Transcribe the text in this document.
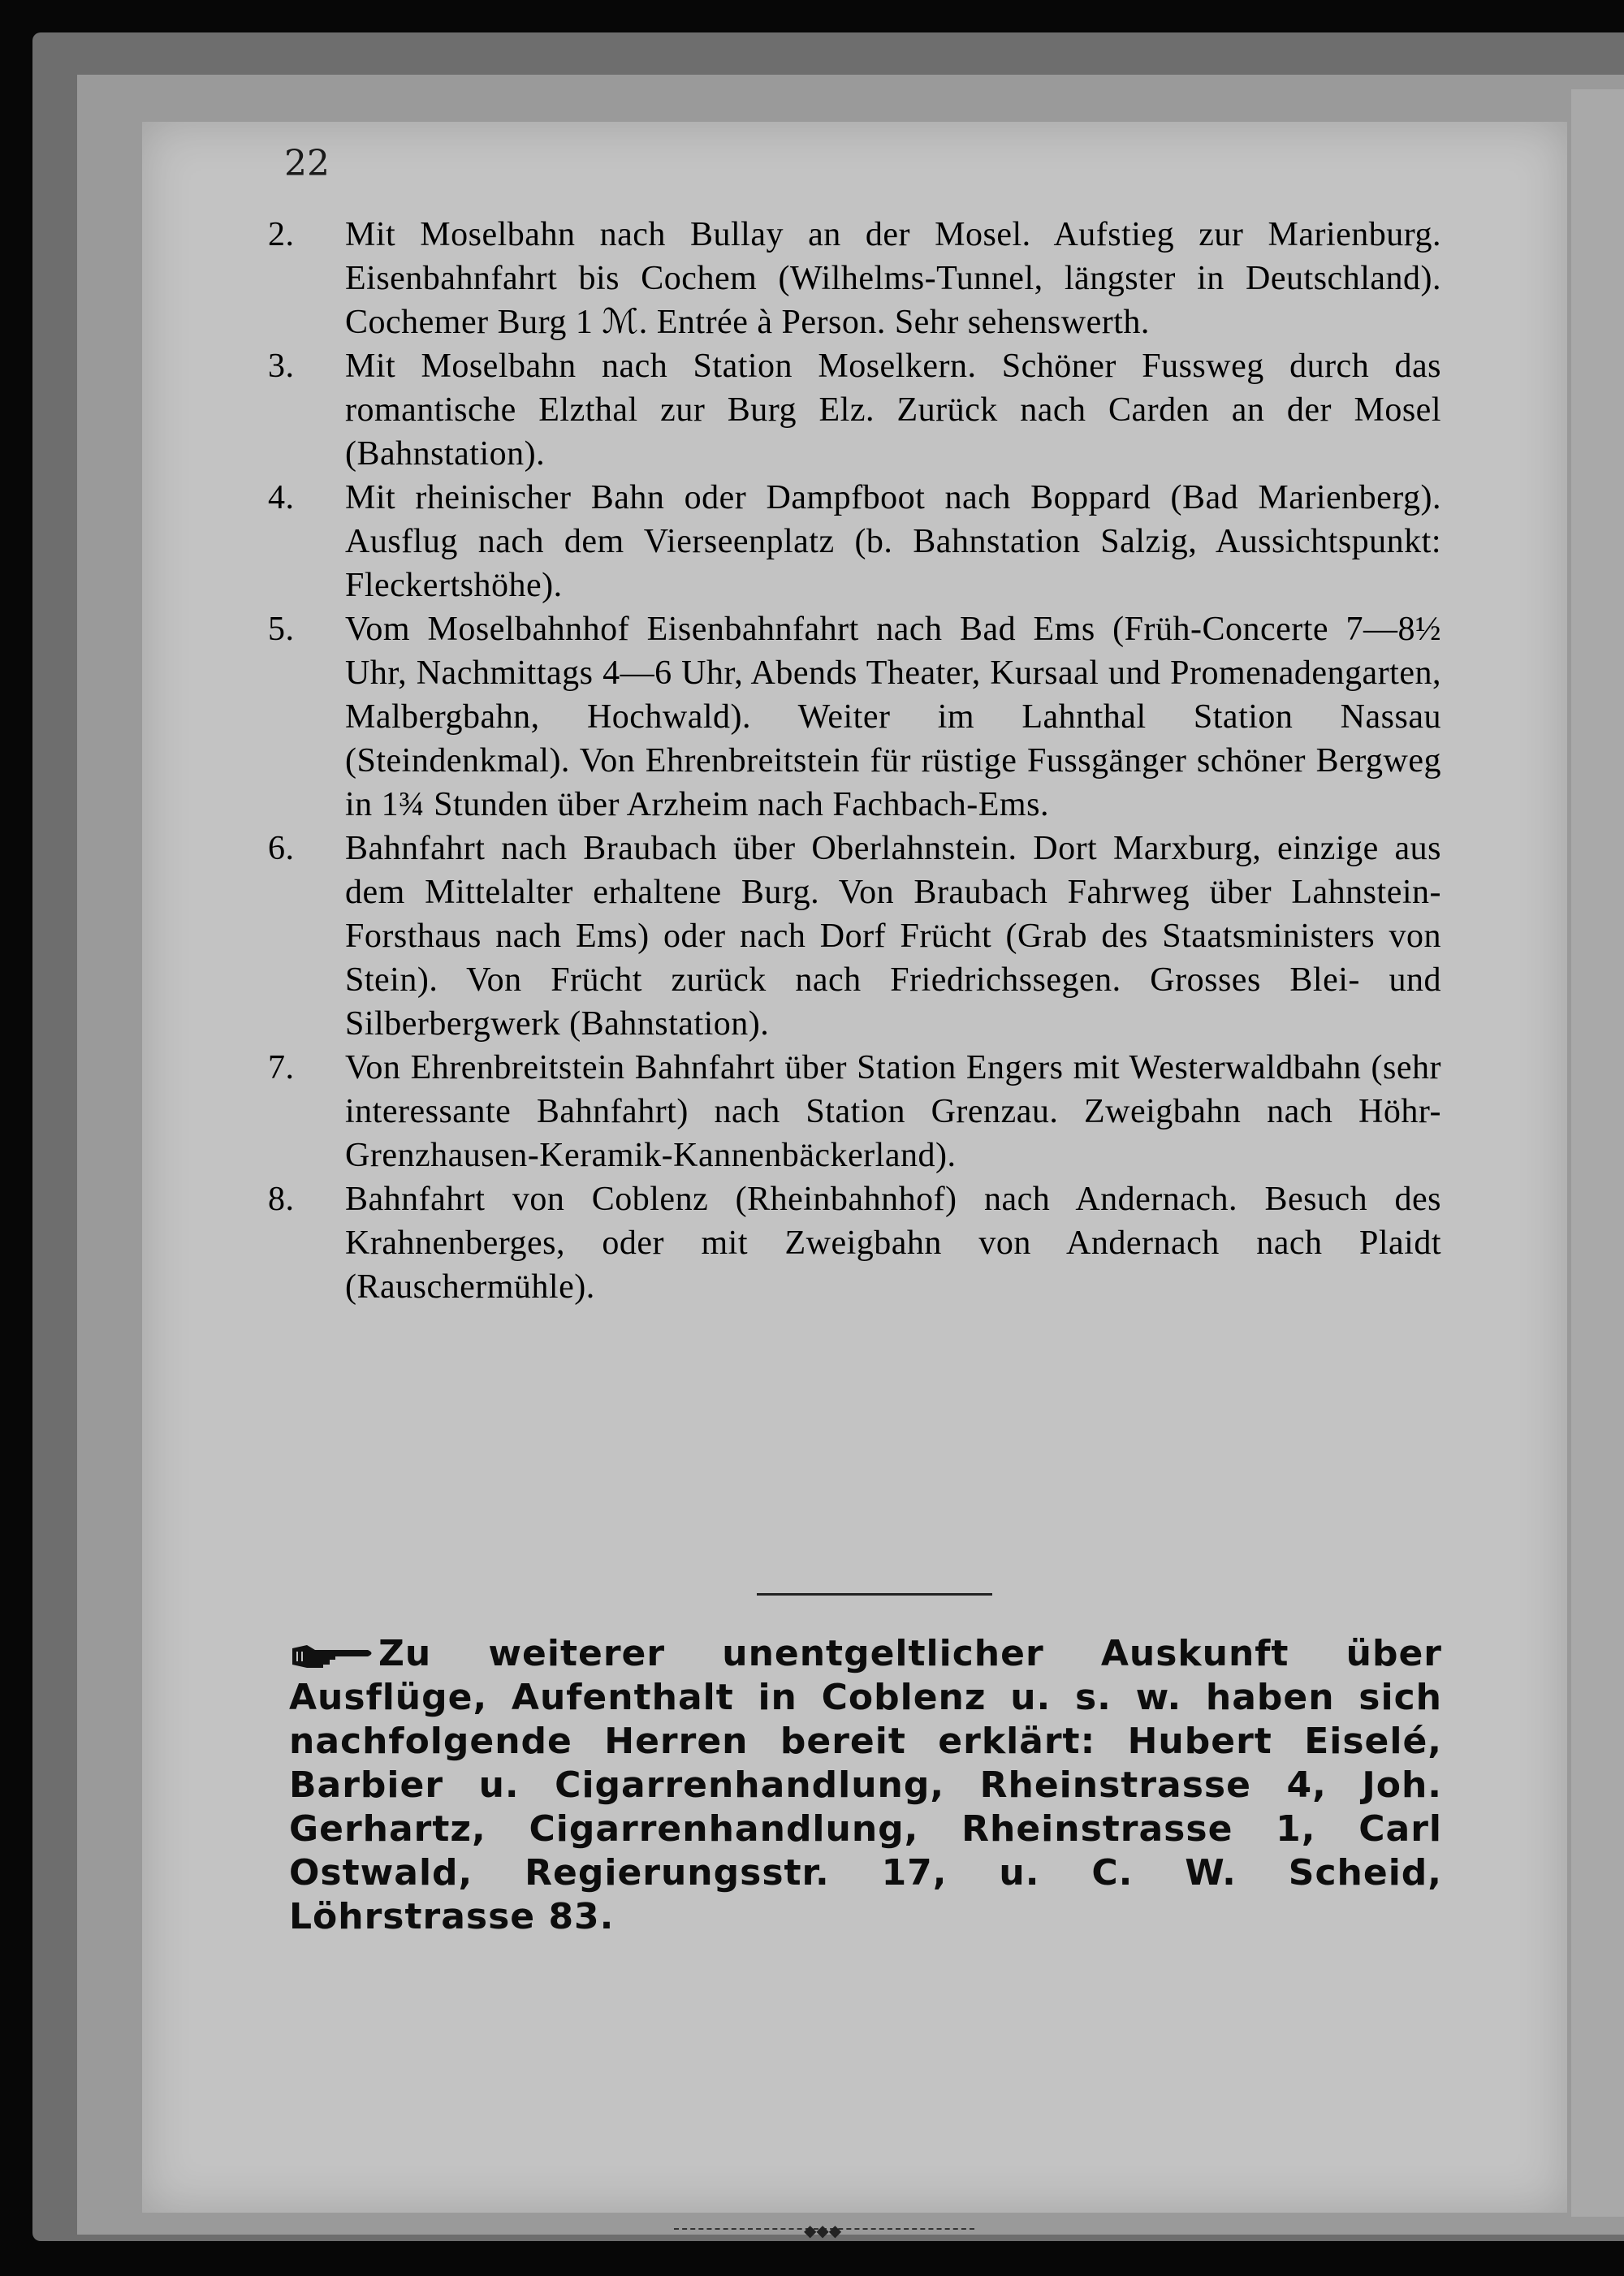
22
2.	Mit Moselbahn nach Bullay an der Mosel. Aufstieg zur Marienburg. Eisenbahnfahrt bis Cochem (Wilhelms-Tunnel, längster in Deutschland). Cochemer Burg 1 ℳ. Entrée à Person. Sehr sehenswerth.
3.	Mit Moselbahn nach Station Moselkern. Schöner Fussweg durch das romantische Elzthal zur Burg Elz. Zurück nach Carden an der Mosel (Bahnstation).
4.	Mit rheinischer Bahn oder Dampfboot nach Boppard (Bad Marienberg). Ausflug nach dem Vierseenplatz (b. Bahnstation Salzig, Aussichtspunkt: Fleckertshöhe).
5.	Vom Moselbahnhof Eisenbahnfahrt nach Bad Ems (Früh-Concerte 7—8½ Uhr, Nachmittags 4—6 Uhr, Abends Theater, Kursaal und Promenadengarten, Malbergbahn, Hochwald). Weiter im Lahnthal Station Nassau (Steindenkmal). Von Ehrenbreitstein für rüstige Fussgänger schöner Bergweg in 1¾ Stunden über Arzheim nach Fachbach-Ems.
6.	Bahnfahrt nach Braubach über Oberlahnstein. Dort Marxburg, einzige aus dem Mittelalter erhaltene Burg. Von Braubach Fahrweg über Lahnstein-Forsthaus nach Ems) oder nach Dorf Frücht (Grab des Staatsministers von Stein). Von Frücht zurück nach Friedrichssegen. Grosses Blei- und Silberbergwerk (Bahnstation).
7.	Von Ehrenbreitstein Bahnfahrt über Station Engers mit Westerwaldbahn (sehr interessante Bahnfahrt) nach Station Grenzau. Zweigbahn nach Höhr-Grenzhausen-Keramik-Kannenbäckerland).
8.	Bahnfahrt von Coblenz (Rheinbahnhof) nach Andernach. Besuch des Krahnenberges, oder mit Zweigbahn von Andernach nach Plaidt (Rauschermühle).
Zu weiterer unentgeltlicher Auskunft über Ausflüge, Aufenthalt in Coblenz u. s. w. haben sich nachfolgende Herren bereit erklärt: Hubert Eiselé, Barbier u. Cigarrenhandlung, Rheinstrasse 4, Joh. Gerhartz, Cigarrenhandlung, Rheinstrasse 1, Carl Ostwald, Regierungsstr. 17, u. C. W. Scheid, Löhrstrasse 83.
◆◆◆
